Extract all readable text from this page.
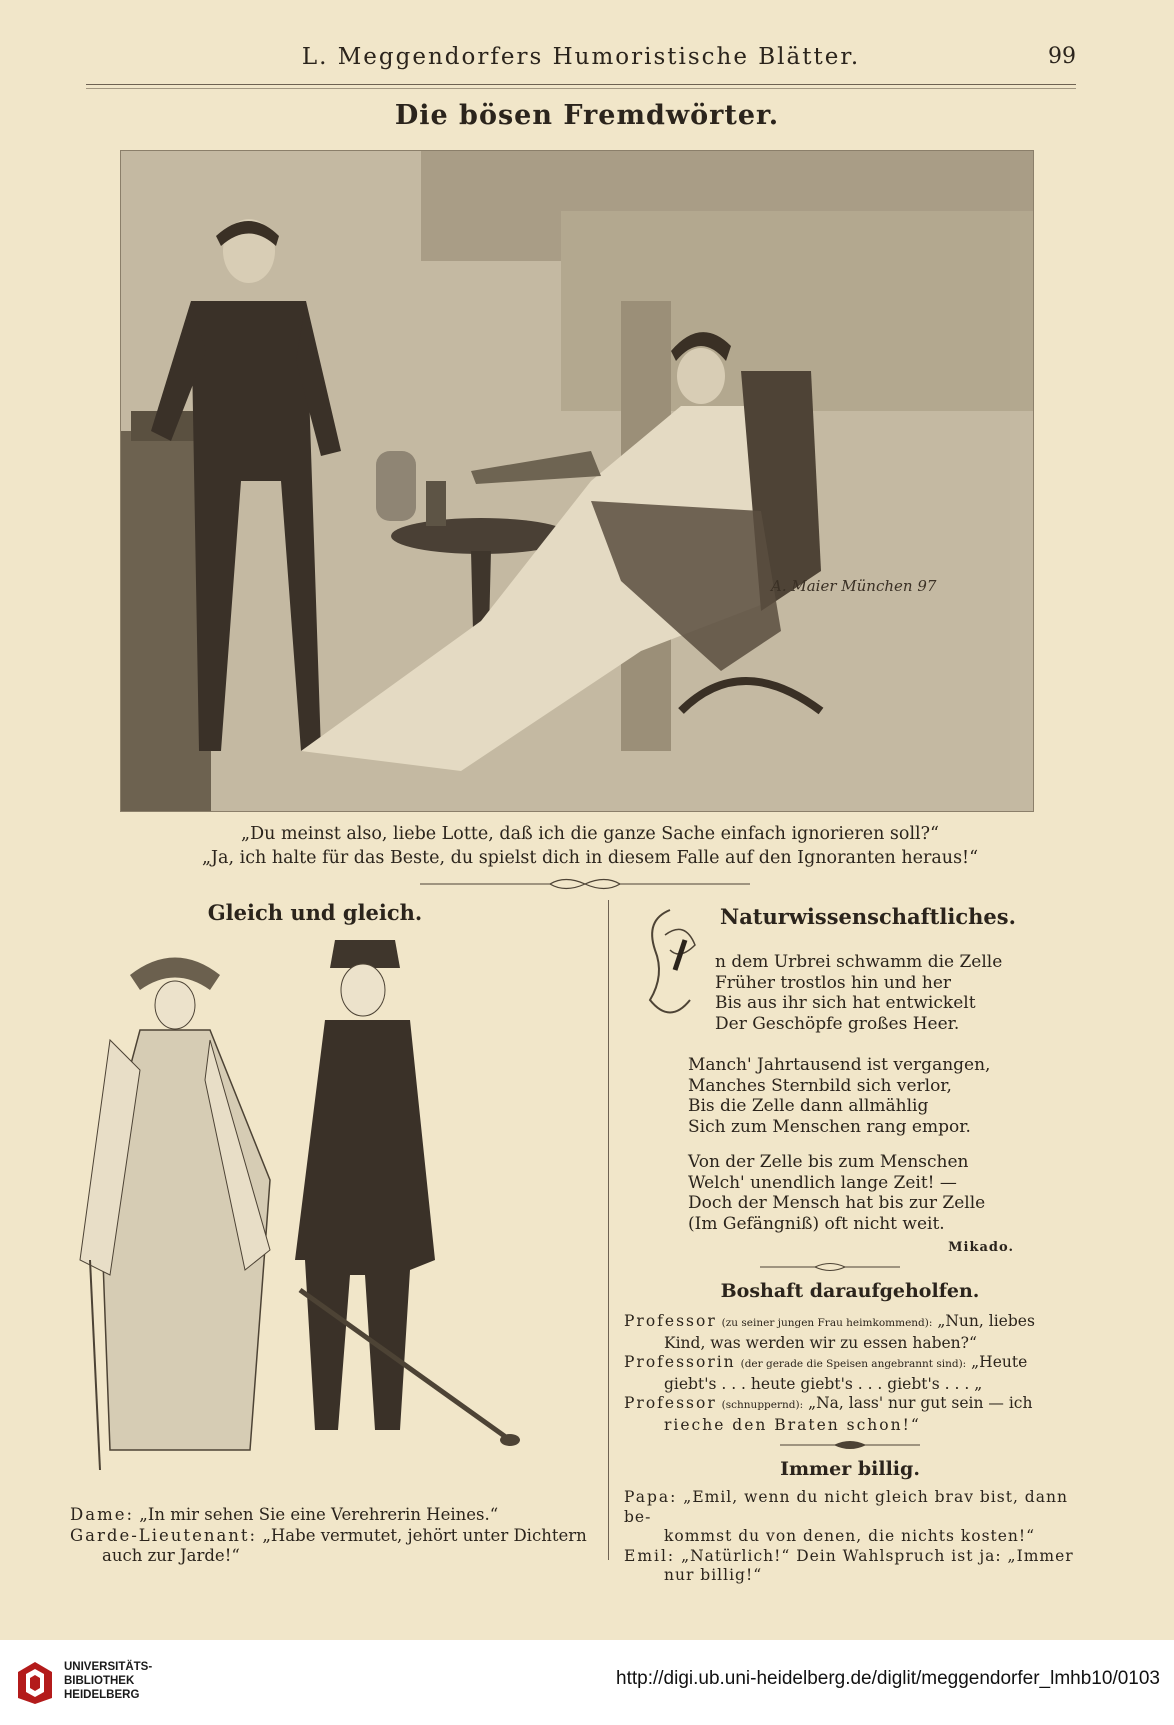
L. Meggendorfers Humoristische Blätter.	99
Die bösen Fremdwörter.
A. Maier München 97
„Du meinst also, liebe Lotte, daß ich die ganze Sache einfach ignorieren soll?“
„Ja, ich halte für das Beste, du spielst dich in diesem Falle auf den Ignoranten heraus!“
Gleich und gleich.
Dame: „In mir sehen Sie eine Verehrerin Heines.“
Garde-Lieutenant: „Habe vermutet, jehört unter Dichtern
auch zur Jarde!“
Naturwissenschaftliches.
n dem Urbrei schwamm die Zelle
Früher trostlos hin und her
Bis aus ihr sich hat entwickelt
Der Geschöpfe großes Heer.
Manch' Jahrtausend ist vergangen,
Manches Sternbild sich verlor,
Bis die Zelle dann allmählig
Sich zum Menschen rang empor.
Von der Zelle bis zum Menschen
Welch' unendlich lange Zeit! —
Doch der Mensch hat bis zur Zelle
(Im Gefängniß) oft nicht weit.
Mikado.
Boshaft daraufgeholfen.
Professor (zu seiner jungen Frau heimkommend): „Nun, liebes
Kind, was werden wir zu essen haben?“
Professorin (der gerade die Speisen angebrannt sind): „Heute
giebt's . . . heute giebt's . . . giebt's . . . „
Professor (schnuppernd): „Na, lass' nur gut sein — ich
rieche den Braten schon!“
Immer billig.
Papa: „Emil, wenn du nicht gleich brav bist, dann be-
kommst du von denen, die nichts kosten!“
Emil: „Natürlich!“ Dein Wahlspruch ist ja: „Immer
nur billig!“
UNIVERSITÄTS-
BIBLIOTHEK
HEIDELBERG
http://digi.ub.uni-heidelberg.de/diglit/meggendorfer_lmhb10/0103
